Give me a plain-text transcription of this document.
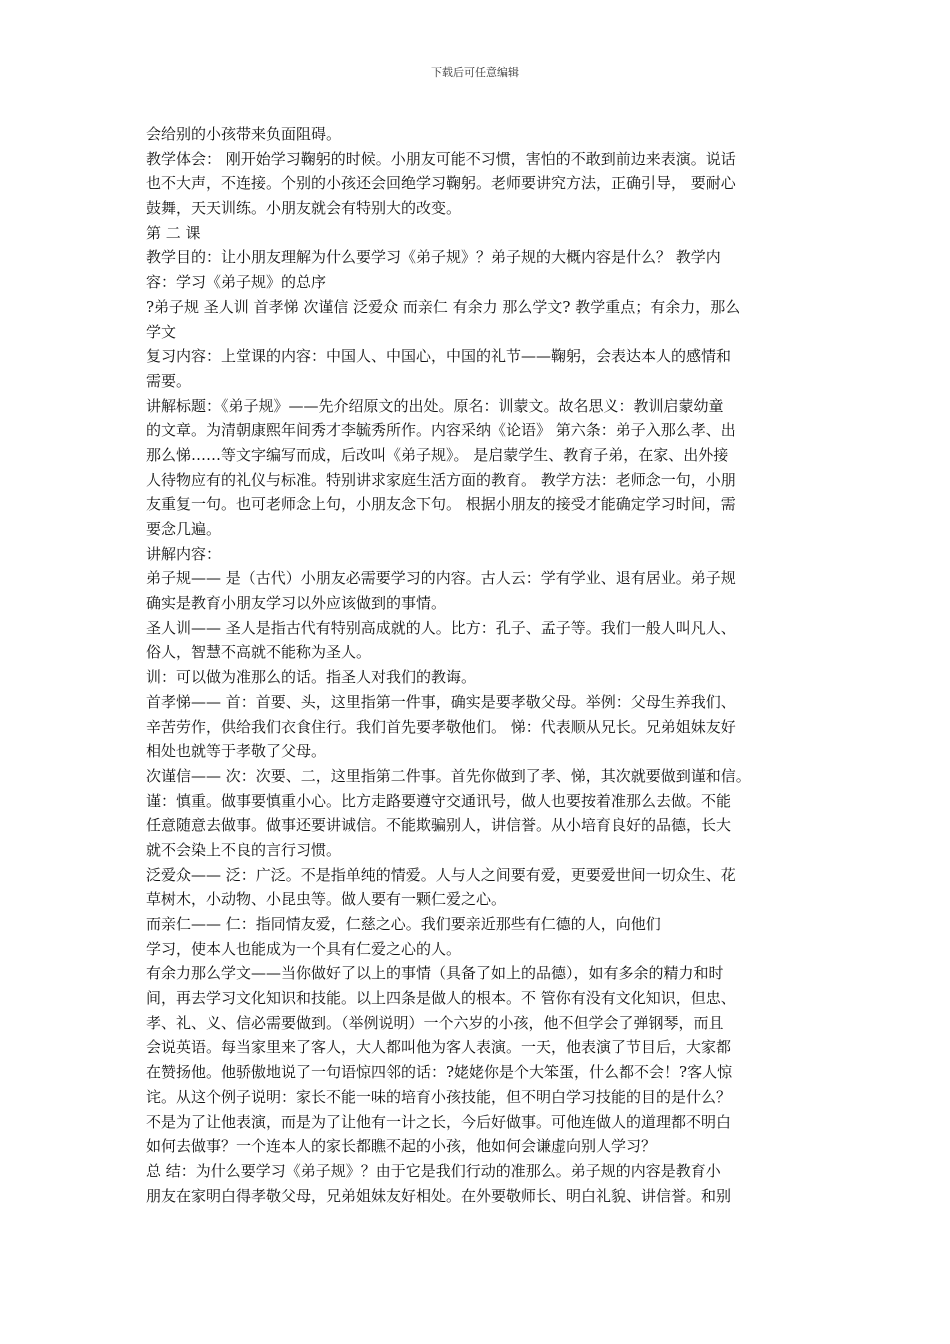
下载后可任意编辑
会给别的小孩带来负面阻碍。
教学体会： 刚开始学习鞠躬的时候。小朋友可能不习惯，害怕的不敢到前边来表演。说话
也不大声，不连接。个别的小孩还会回绝学习鞠躬。老师要讲究方法，正确引导， 要耐心
鼓舞，天天训练。小朋友就会有特别大的改变。
第 二 课
教学目的：让小朋友理解为什么要学习《弟子规》？弟子规的大概内容是什么？ 教学内
容：学习《弟子规》的总序
?弟子规 圣人训 首孝悌 次谨信 泛爱众 而亲仁 有余力 那么学文? 教学重点；有余力，那么
学文
复习内容：上堂课的内容：中国人、中国心，中国的礼节——鞠躬，会表达本人的感情和
需要。
讲解标题：《弟子规》——先介绍原文的出处。原名：训蒙文。故名思义：教训启蒙幼童
的文章。为清朝康熙年间秀才李毓秀所作。内容采纳《论语》 第六条：弟子入那么孝、出
那么悌……等文字编写而成，后改叫《弟子规》。 是启蒙学生、教育子弟，在家、出外接
人待物应有的礼仪与标准。特别讲求家庭生活方面的教育。 教学方法：老师念一句，小朋
友重复一句。也可老师念上句，小朋友念下句。 根据小朋友的接受才能确定学习时间，需
要念几遍。
讲解内容：
弟子规—— 是（古代）小朋友必需要学习的内容。古人云：学有学业、退有居业。弟子规
确实是教育小朋友学习以外应该做到的事情。
圣人训—— 圣人是指古代有特别高成就的人。比方：孔子、孟子等。我们一般人叫凡人、
俗人，智慧不高就不能称为圣人。
训：可以做为准那么的话。指圣人对我们的教诲。
首孝悌—— 首：首要、头，这里指第一件事，确实是要孝敬父母。举例：父母生养我们、
辛苦劳作，供给我们衣食住行。我们首先要孝敬他们。 悌：代表顺从兄长。兄弟姐妹友好
相处也就等于孝敬了父母。
次谨信—— 次：次要、二，这里指第二件事。首先你做到了孝、悌，其次就要做到谨和信。
谨：慎重。做事要慎重小心。比方走路要遵守交通讯号，做人也要按着准那么去做。不能
任意随意去做事。做事还要讲诚信。不能欺骗别人，讲信誉。从小培育良好的品德，长大
就不会染上不良的言行习惯。
泛爱众—— 泛：广泛。不是指单纯的情爱。人与人之间要有爱，更要爱世间一切众生、花
草树木，小动物、小昆虫等。做人要有一颗仁爱之心。
而亲仁—— 仁：指同情友爱，仁慈之心。我们要亲近那些有仁德的人，向他们
学习，使本人也能成为一个具有仁爱之心的人。
有余力那么学文——当你做好了以上的事情（具备了如上的品德），如有多余的精力和时
间，再去学习文化知识和技能。以上四条是做人的根本。不 管你有没有文化知识，但忠、
孝、礼、义、信必需要做到。（举例说明）一个六岁的小孩，他不但学会了弹钢琴，而且
会说英语。每当家里来了客人，大人都叫他为客人表演。一天，他表演了节目后，大家都
在赞扬他。他骄傲地说了一句语惊四邻的话：?姥姥你是个大笨蛋，什么都不会！?客人惊
诧。从这个例子说明：家长不能一味的培育小孩技能，但不明白学习技能的目的是什么？
不是为了让他表演，而是为了让他有一计之长，今后好做事。可他连做人的道理都不明白
如何去做事？一个连本人的家长都瞧不起的小孩，他如何会谦虚向别人学习？
总 结：为什么要学习《弟子规》？由于它是我们行动的准那么。弟子规的内容是教育小
朋友在家明白得孝敬父母，兄弟姐妹友好相处。在外要敬师长、明白礼貌、讲信誉。和别
